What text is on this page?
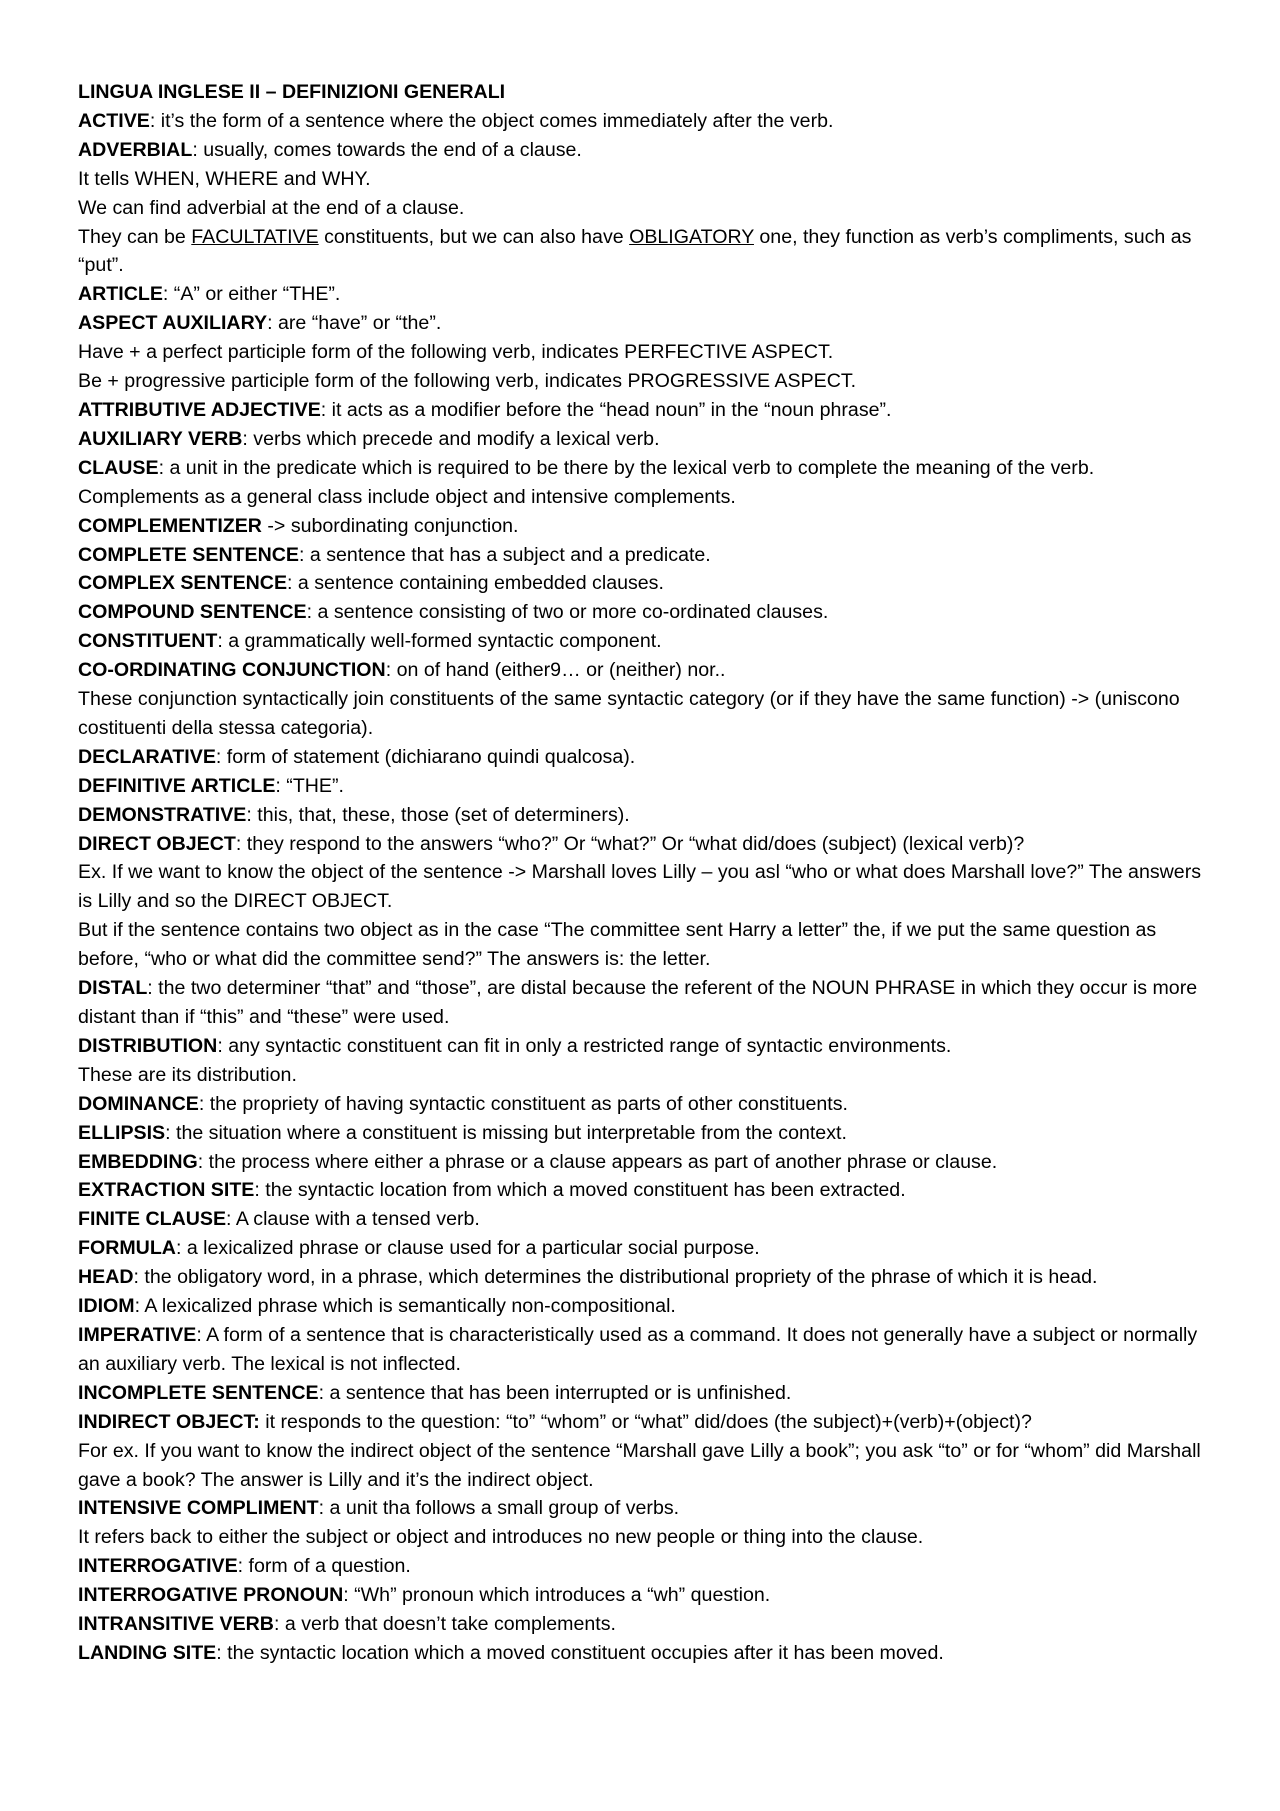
LINGUA INGLESE II – DEFINIZIONI GENERALI

ACTIVE: it’s the form of a sentence where the object comes immediately after the verb.

ADVERBIAL: usually, comes towards the end of a clause.

It tells WHEN, WHERE and WHY.

We can find adverbial at the end of a clause.

They can be FACULTATIVE constituents, but we can also have OBLIGATORY one, they function as verb’s compliments, such as “put”.

ARTICLE: “A” or either “THE”.

ASPECT AUXILIARY: are “have” or “the”.

Have + a perfect participle form of the following verb, indicates PERFECTIVE ASPECT.

Be + progressive participle form of the following verb, indicates PROGRESSIVE ASPECT.

ATTRIBUTIVE ADJECTIVE: it acts as a modifier before the “head noun” in the “noun phrase”.

AUXILIARY VERB: verbs which precede and modify a lexical verb.

CLAUSE: a unit in the predicate which is required to be there by the lexical verb to complete the meaning of the verb.

Complements as a general class include object and intensive complements.

COMPLEMENTIZER -> subordinating conjunction.

COMPLETE SENTENCE: a sentence that has a subject and a predicate.

COMPLEX SENTENCE: a sentence containing embedded clauses.

COMPOUND SENTENCE: a sentence consisting of two or more co-ordinated clauses.

CONSTITUENT: a grammatically well-formed syntactic component.

CO-ORDINATING CONJUNCTION: on of hand (either9… or (neither) nor..

These conjunction syntactically join constituents of the same syntactic category (or if they have the same function) -> (uniscono costituenti della stessa categoria).

DECLARATIVE: form of statement (dichiarano quindi qualcosa).

DEFINITIVE ARTICLE: “THE”.

DEMONSTRATIVE: this, that, these, those (set of determiners).

DIRECT OBJECT: they respond to the answers “who?” Or “what?” Or “what did/does (subject) (lexical verb)?

Ex. If we want to know the object of the sentence -> Marshall loves Lilly – you asl “who or what does Marshall love?” The answers is Lilly and so the DIRECT OBJECT.

But if the sentence contains two object as in the case “The committee sent Harry a letter” the, if we put the same question as before, “who or what did the committee send?” The answers is: the letter.

DISTAL: the two determiner “that” and “those”, are distal because the referent of the NOUN PHRASE in which they occur is more distant than if “this” and “these” were used.

DISTRIBUTION: any syntactic constituent can fit in only a restricted range of syntactic environments.

These are its distribution.

DOMINANCE: the propriety of having syntactic constituent as parts of other constituents.

ELLIPSIS: the situation where a constituent is missing but interpretable from the context.

EMBEDDING: the process where either a phrase or a clause appears as part of another phrase or clause.

EXTRACTION SITE: the syntactic location from which a moved constituent has been extracted.

FINITE CLAUSE: A clause with a tensed verb.

FORMULA: a lexicalized phrase or clause used for a particular social purpose.

HEAD: the obligatory word, in a phrase, which determines the distributional propriety of the phrase of which it is head.

IDIOM: A lexicalized phrase which is semantically non-compositional.

IMPERATIVE: A form of a sentence that is characteristically used as a command. It does not generally have a subject or normally an auxiliary verb. The lexical is not inflected.

INCOMPLETE SENTENCE: a sentence that has been interrupted or is unfinished.

INDIRECT OBJECT: it responds to the question: “to” “whom” or “what” did/does (the subject)+(verb)+(object)?

For ex. If you want to know the indirect object of the sentence “Marshall gave Lilly a book”; you ask “to” or for “whom” did Marshall gave a book? The answer is Lilly and it’s the indirect object.

INTENSIVE COMPLIMENT: a unit tha follows a small group of verbs.

It refers back to either the subject or object and introduces no new people or thing into the clause.

INTERROGATIVE: form of a question.

INTERROGATIVE PRONOUN: “Wh” pronoun which introduces a “wh” question.

INTRANSITIVE VERB: a verb that doesn’t take complements.

LANDING SITE: the syntactic location which a moved constituent occupies after it has been moved.
